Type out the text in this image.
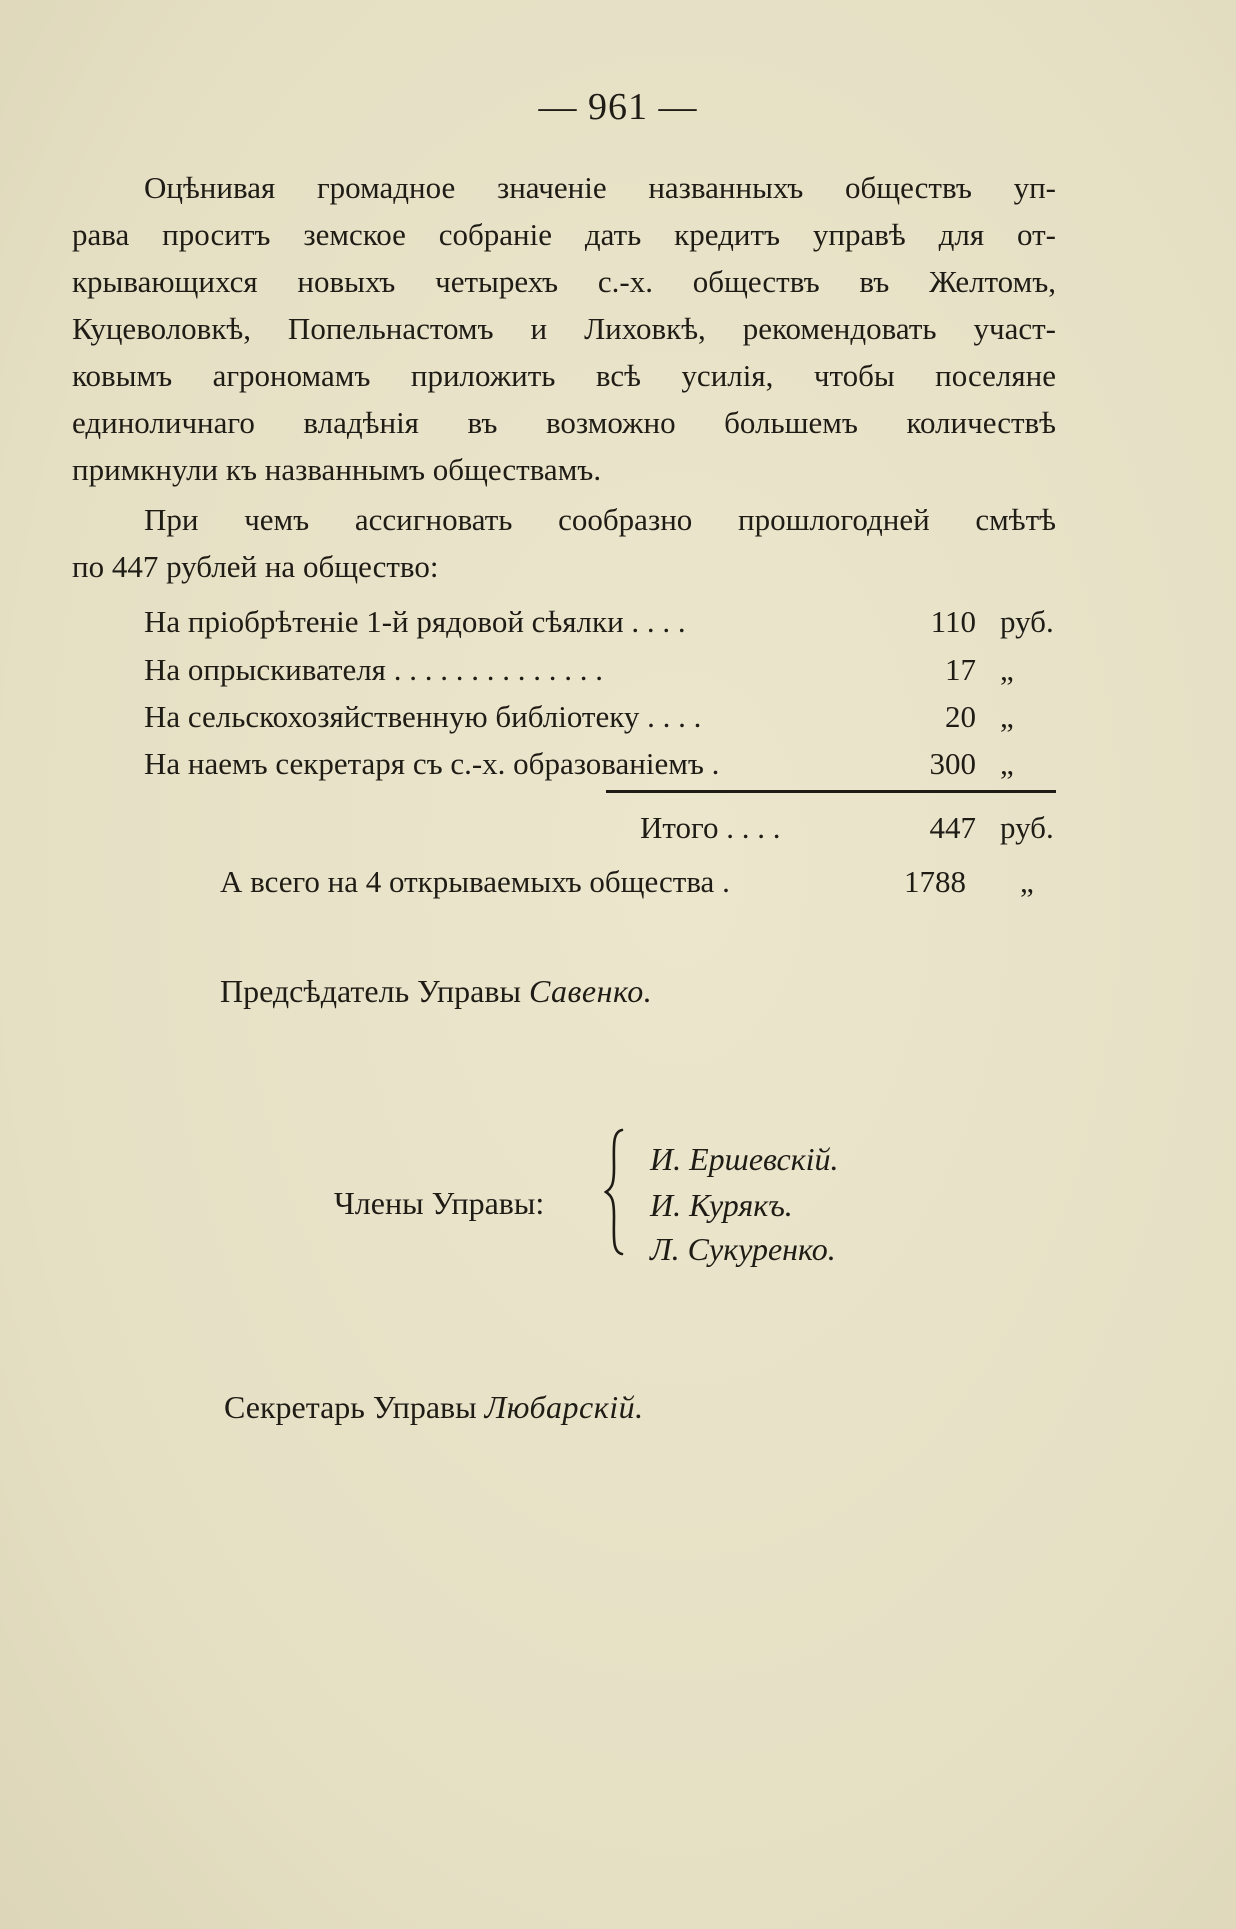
— 961 —

Оцѣнивая громадное значеніе названныхъ обществъ уп-
рава проситъ земское собраніе дать кредитъ управѣ для от-
крывающихся новыхъ четырехъ с.-х. обществъ въ Желтомъ,
Куцеволовкѣ, Попельнастомъ и Лиховкѣ, рекомендовать участ-
ковымъ агрономамъ приложить всѣ усилія, чтобы поселяне
единоличнаго владѣнія въ возможно большемъ количествѣ
примкнули къ названнымъ обществамъ.

При чемъ ассигновать сообразно прошлогодней смѣтѣ
по 447 рублей на общество:

На пріобрѣтеніе 1-й рядовой сѣялки . . . .	110 руб.
На опрыскивателя . . . . . . . . . . . . . .	17 „
На сельскохозяйственную библіотеку . . . .	20 „
На наемъ секретаря съ с.-х. образованіемъ .	300 „
Итого . . . .	447 руб.
А всего на 4 открываемыхъ общества .	1788 „
Предсѣдатель Управы Савенко.
Члены Управы:
И. Ершевскій.
И. Курякъ.
Л. Сукуренко.
Секретарь Управы Любарскій.
